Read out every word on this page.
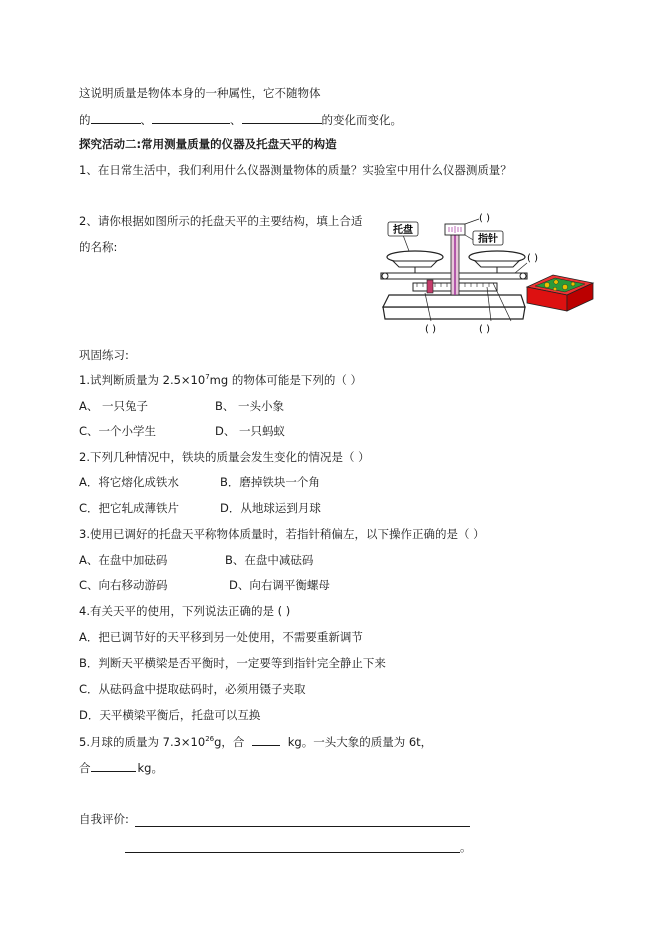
这说明质量是物体本身的一种属性，它不随物体
的	、	、	的变化而变化。
探究活动二:常用测量质量的仪器及托盘天平的构造
1、在日常生活中，我们利用什么仪器测量物体的质量？实验室中用什么仪器测质量？
2、请你根据如图所示的托盘天平的主要结构，填上合适
的名称:
托盘
指针
( )
( )
( )	( )
巩固练习:
1.试判断质量为 $2.5\times 10^7mg$ 的物体可能是下列的（ ）
A、 一只兔子	B、 一头小象
C、一个小学生	D、 一只蚂蚁
2.下列几种情况中，铁块的质量会发生变化的情况是（ ）
A．将它熔化成铁水	B．磨掉铁块一个角
C．把它轧成薄铁片	D．从地球运到月球
3.使用已调好的托盘天平称物体质量时，若指针稍偏左，以下操作正确的是（ ）
A、在盘中加砝码	B、在盘中减砝码
C、向右移动游码	D、向右调平衡螺母
4.有关天平的使用，下列说法正确的是 ( )
A．把已调节好的天平移到另一处使用，不需要重新调节
B．判断天平横梁是否平衡时，一定要等到指针完全静止下来
C．从砝码盒中提取砝码时，必须用镊子夹取
D．天平横梁平衡后，托盘可以互换
5.月球的质量为 $7.3\times 10^{26}g$，合	kg。一头大象的质量为 6t，
合	kg。
自我评价:
。
